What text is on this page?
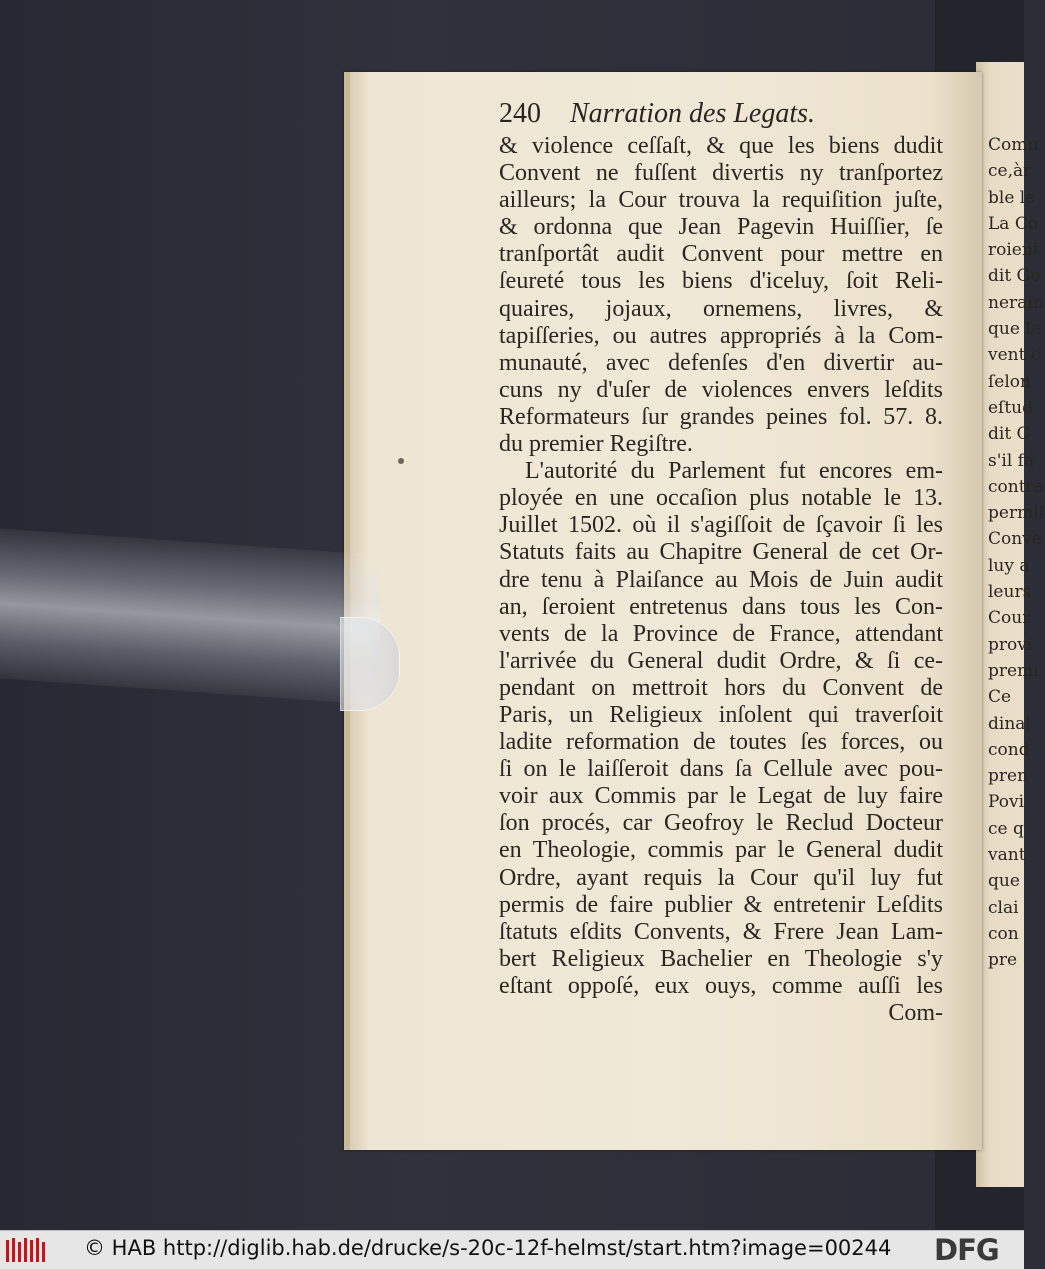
Comn
ce,àr
ble le
La Co
roient
dit Ge
nerain
que le
vent c
ſelon
eſtud
dit C
s'il fa
contra
permiſ
Conve
luy a
leurs
Cour
provi
premi
Ce
dinal
cond
pren
Povi
ce q
vant
que
clai
con
pre
240 Narration des Legats.
& violence ceſſaſt, & que les biens dudit
Convent ne fuſſent divertis ny tranſportez
ailleurs; la Cour trouva la requiſition juſte,
& ordonna que Jean Pagevin Huiſſier, ſe
tranſportât audit Convent pour mettre en
ſeureté tous les biens d'iceluy, ſoit Reli-
quaires, jojaux, ornemens, livres, &
tapiſſeries, ou autres appropriés à la Com-
munauté, avec defenſes d'en divertir au-
cuns ny d'uſer de violences envers leſdits
Reformateurs ſur grandes peines fol. 57. 8.
du premier Regiſtre.
L'autorité du Parlement fut encores em-
ployée en une occaſion plus notable le 13.
Juillet 1502. où il s'agiſſoit de ſçavoir ſi les
Statuts faits au Chapitre General de cet Or-
dre tenu à Plaiſance au Mois de Juin audit
an, ſeroient entretenus dans tous les Con-
vents de la Province de France, attendant
l'arrivée du General dudit Ordre, & ſi ce-
pendant on mettroit hors du Convent de
Paris, un Religieux inſolent qui traverſoit
ladite reformation de toutes ſes forces, ou
ſi on le laiſſeroit dans ſa Cellule avec pou-
voir aux Commis par le Legat de luy faire
ſon procés, car Geofroy le Reclud Docteur
en Theologie, commis par le General dudit
Ordre, ayant requis la Cour qu'il luy fut
permis de faire publier & entretenir Leſdits
ſtatuts eſdits Convents, & Frere Jean Lam-
bert Religieux Bachelier en Theologie s'y
eſtant oppoſé, eux ouys, comme auſſi les
Com-
© HAB http://diglib.hab.de/drucke/s-20c-12f-helmst/start.htm?image=00244 DFG
